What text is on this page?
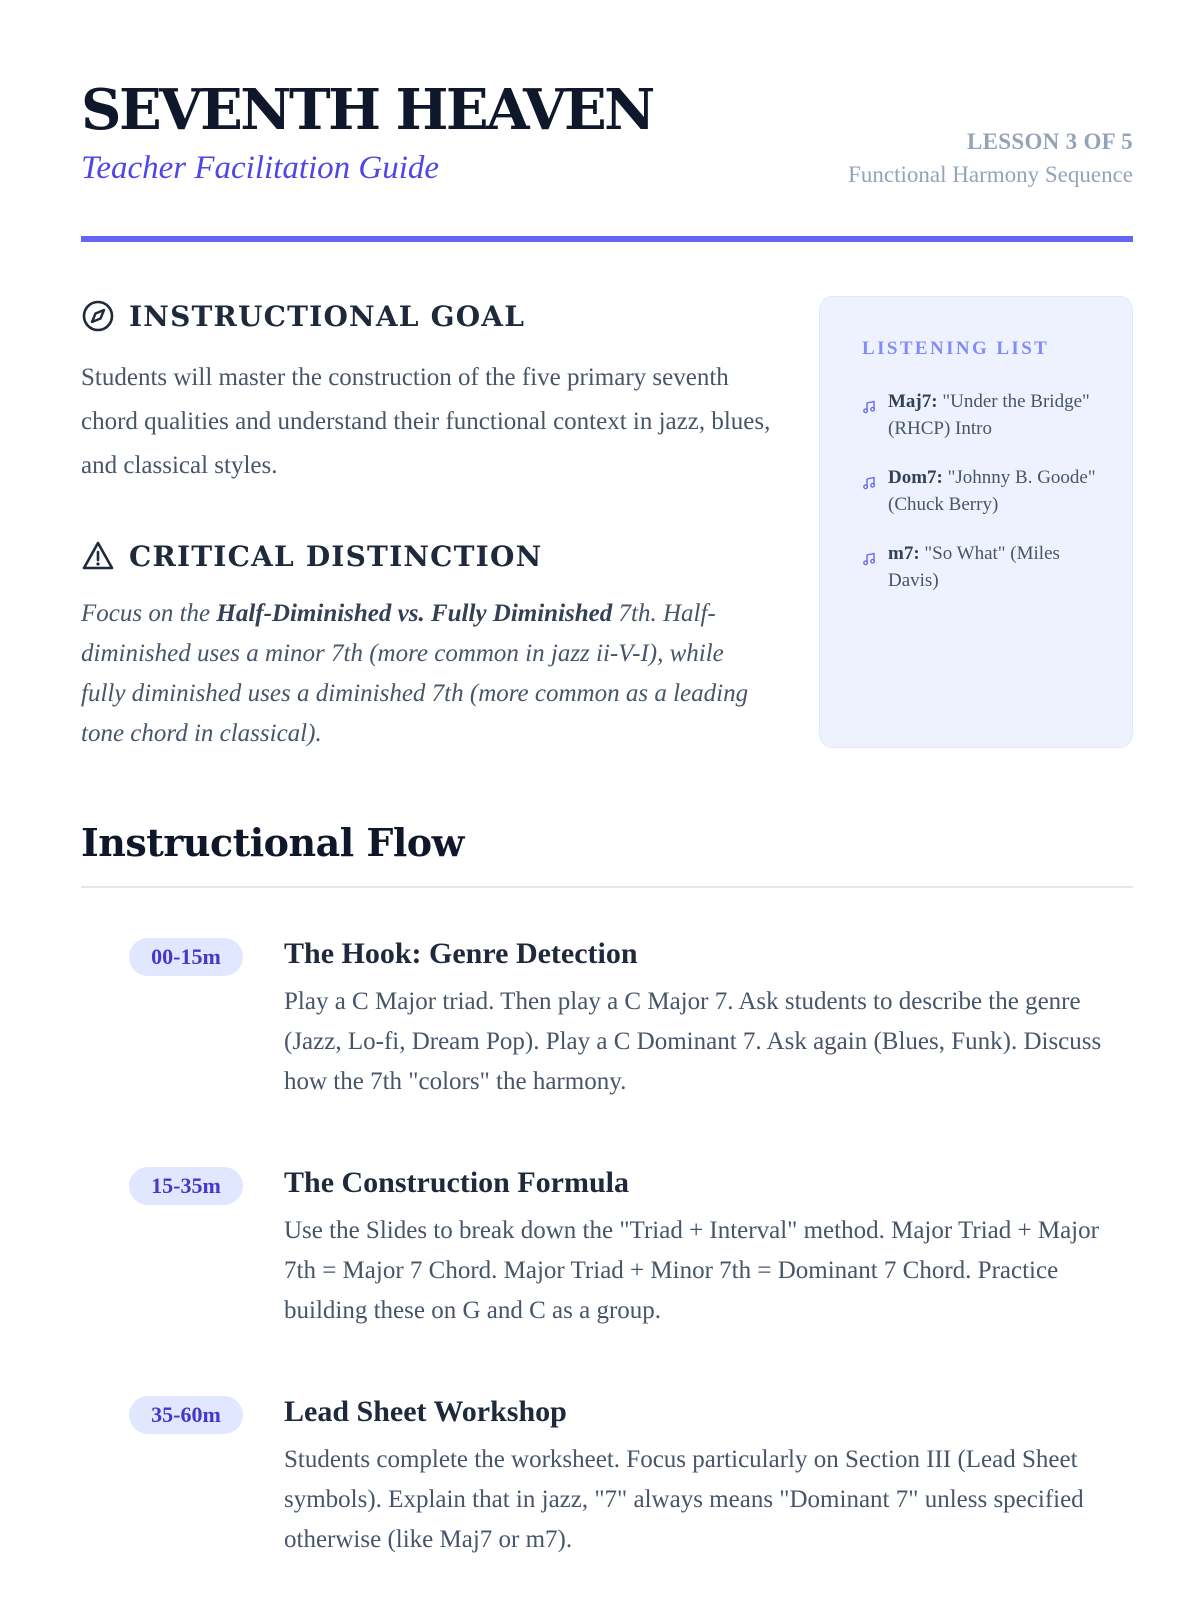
SEVENTH HEAVEN
Teacher Facilitation Guide
LESSON 3 OF 5
Functional Harmony Sequence
INSTRUCTIONAL GOAL

Students will master the construction of the five primary seventh chord qualities and understand their functional context in jazz, blues, and classical styles.

CRITICAL DISTINCTION

Focus on the Half-Diminished vs. Fully Diminished 7th. Half-diminished uses a minor 7th (more common in jazz ii-V-I), while fully diminished uses a diminished 7th (more common as a leading tone chord in classical).

LISTENING LIST
Maj7: "Under the Bridge" (RHCP) Intro
Dom7: "Johnny B. Goode" (Chuck Berry)
m7: "So What" (Miles Davis)
Instructional Flow
00-15m	The Hook: Genre Detection

Play a C Major triad. Then play a C Major 7. Ask students to describe the genre (Jazz, Lo-fi, Dream Pop). Play a C Dominant 7. Ask again (Blues, Funk). Discuss how the 7th "colors" the harmony.

15-35m	The Construction Formula

Use the Slides to break down the "Triad + Interval" method. Major Triad + Major 7th = Major 7 Chord. Major Triad + Minor 7th = Dominant 7 Chord. Practice building these on G and C as a group.

35-60m	Lead Sheet Workshop

Students complete the worksheet. Focus particularly on Section III (Lead Sheet symbols). Explain that in jazz, "7" always means "Dominant 7" unless specified otherwise (like Maj7 or m7).
